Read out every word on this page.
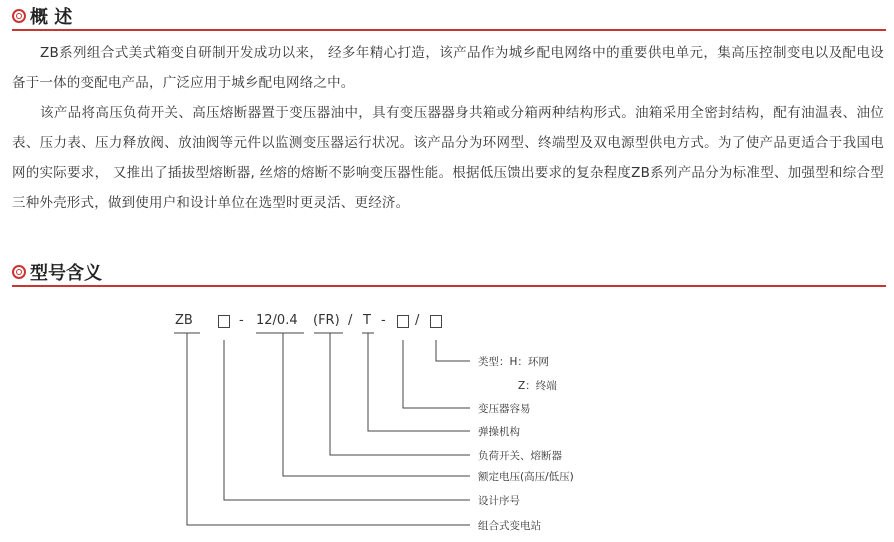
概 述

ZB系列组合式美式箱变自研制开发成功以来， 经多年精心打造，该产品作为城乡配电网络中的重要供电单元，集高压控制变电以及配电设备于一体的变配电产品，广泛应用于城乡配电网络之中。

该产品将高压负荷开关、高压熔断器置于变压器油中，具有变压器器身共箱或分箱两种结构形式。油箱采用全密封结构，配有油温表、油位表、压力表、压力释放阀、放油阀等元件以监测变压器运行状况。该产品分为环网型、终端型及双电源型供电方式。为了使产品更适合于我国电网的实际要求， 又推出了插拔型熔断器, 丝熔的熔断不影响变压器性能。根据低压馈出要求的复杂程度ZB系列产品分为标准型、加强型和综合型三种外壳形式，做到使用户和设计单位在选型时更灵活、更经济。

型号含义
ZB	- 12/0.4 (FR) / T - /
类型：H：环网
Z：终端
变压器容易
弹操机构
负荷开关、熔断器
额定电压(高压/低压)
设计序号
组合式变电站
